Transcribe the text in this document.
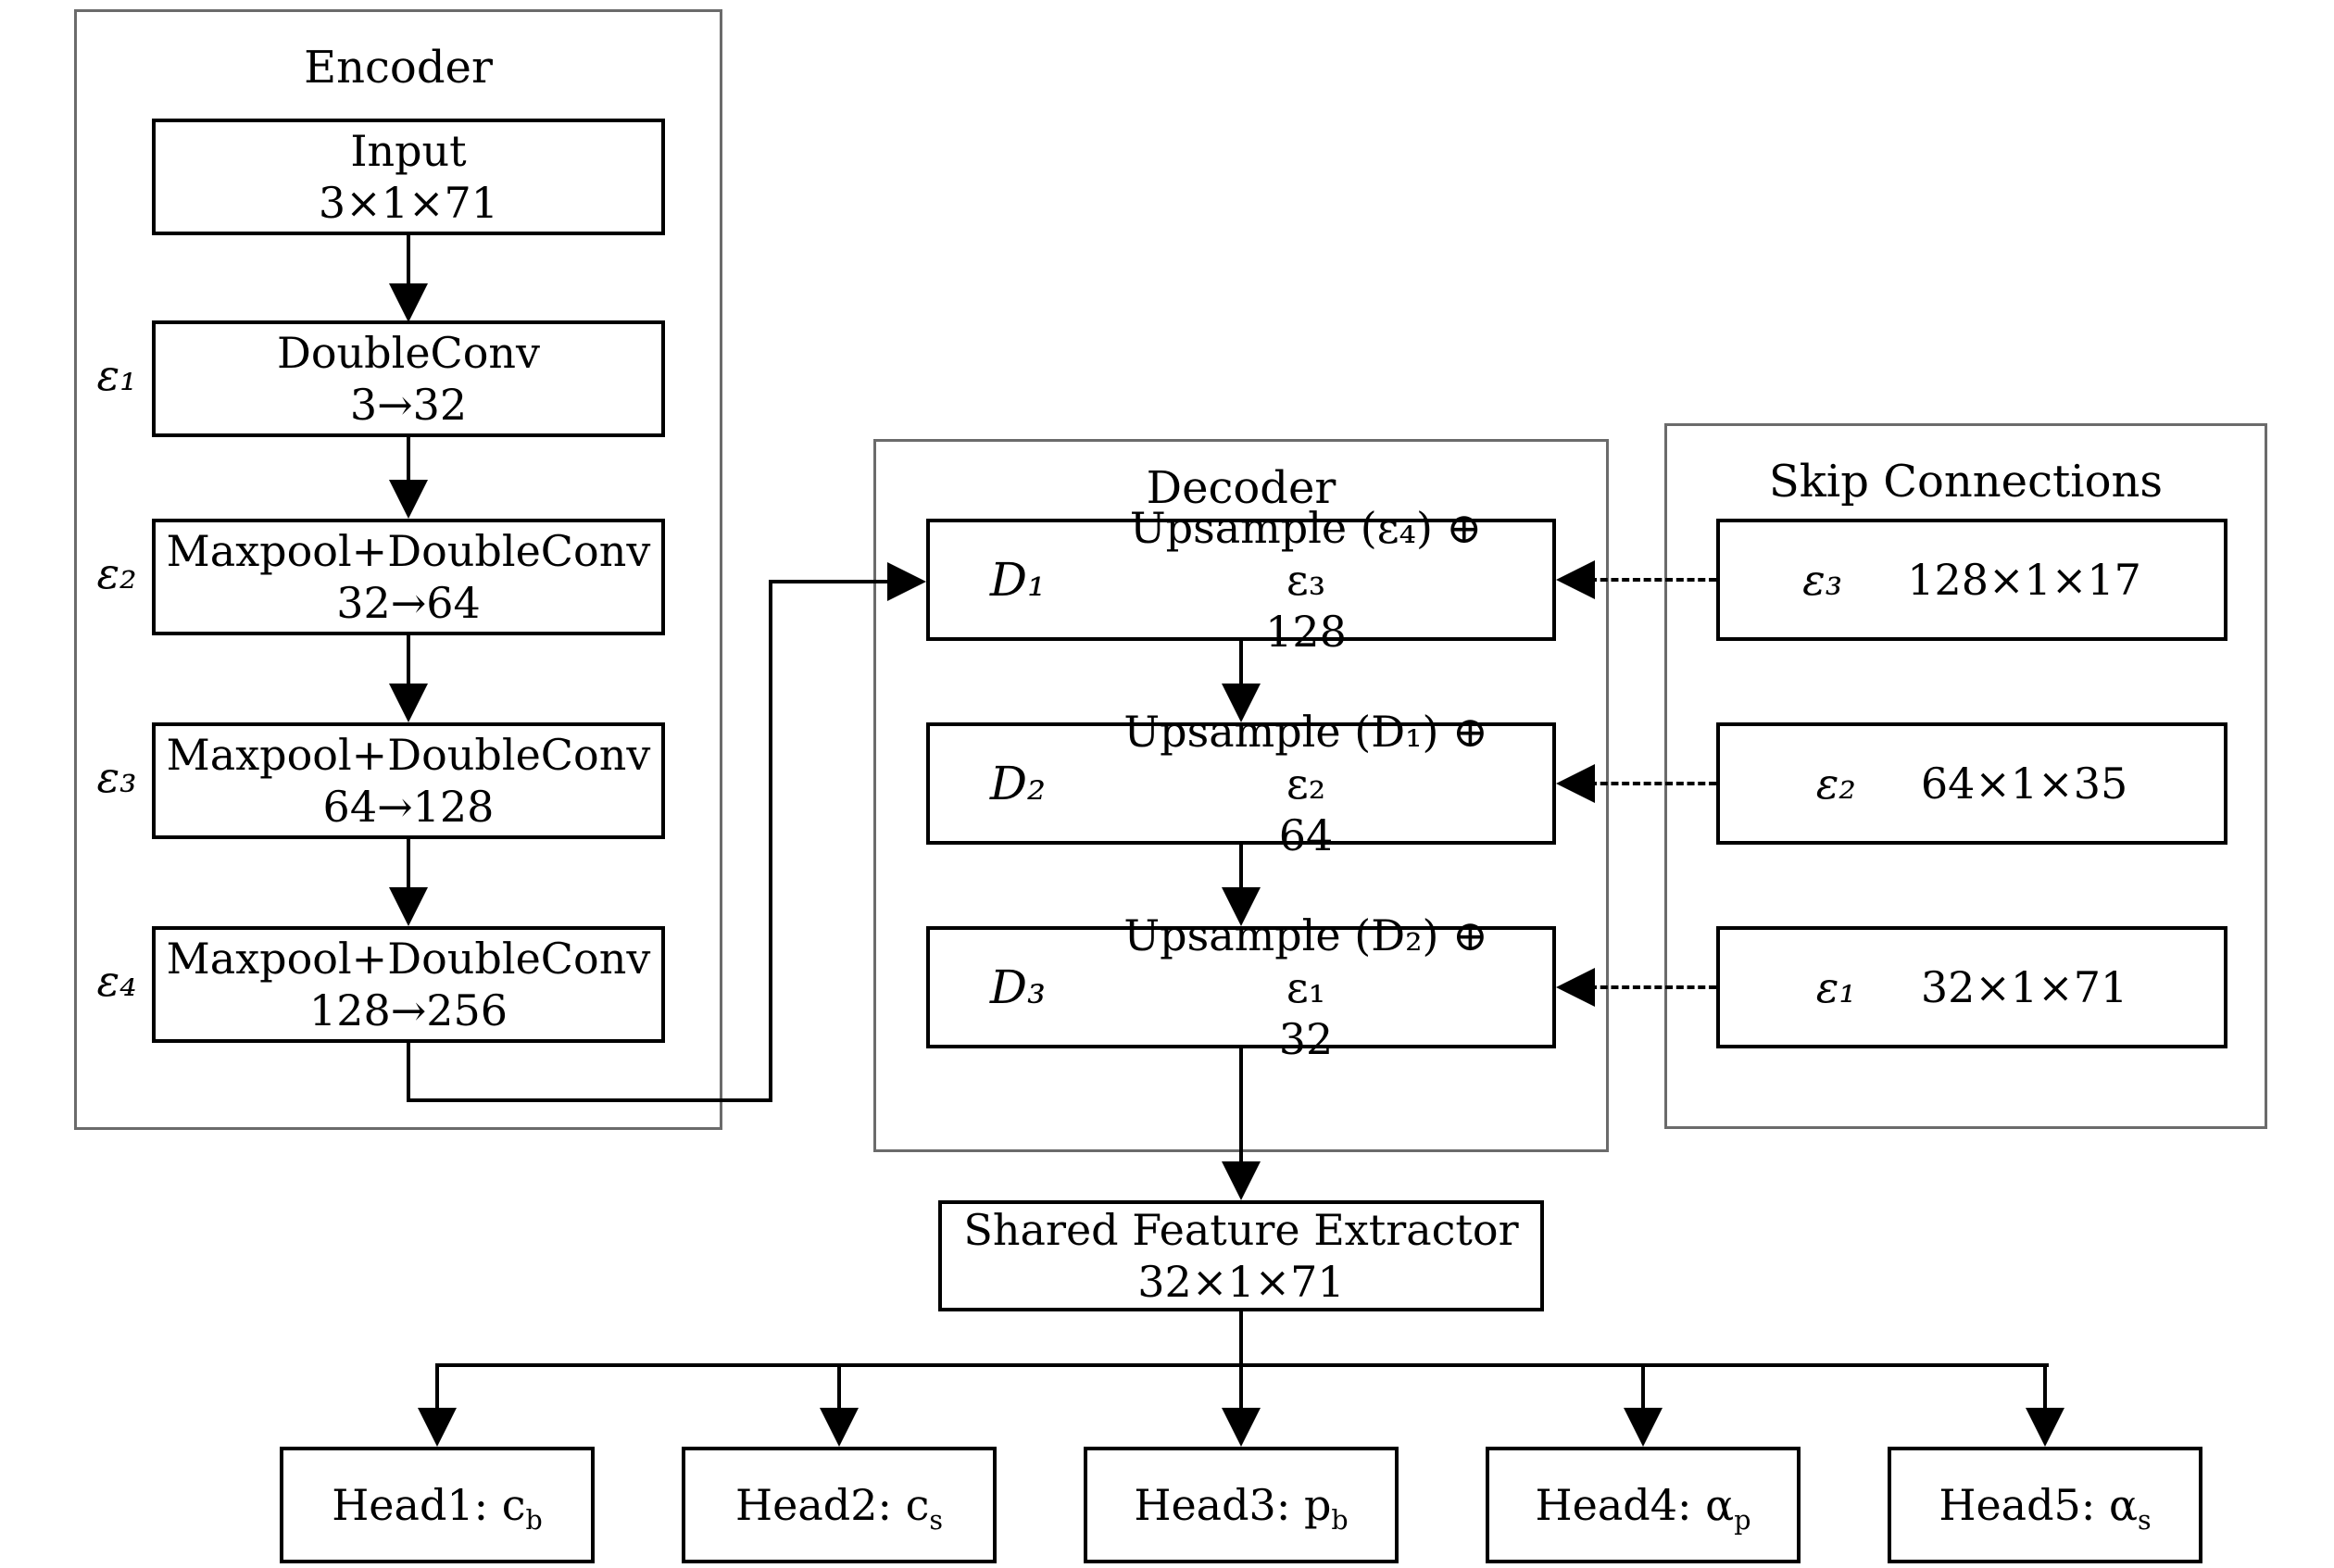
Encoder
Decoder	Skip Connections
Input
3×1×71
ε₁	DoubleConv
3→32
ε₂ Maxpool+DoubleConv
32→64
ε₃ Maxpool+DoubleConv
64→128
ε₄ Maxpool+DoubleConv
128→256
D₁
Upsample (ε₄) ⊕ ε₃
128
D₂
Upsample (D₁) ⊕ ε₂
64
D₃
Upsample (D₂) ⊕ ε₁
32
ε₃ 128×1×17
ε₂ 64×1×35
ε₁ 32×1×71
Shared Feature Extractor
32×1×71
Head1: $c_b$	Head2: $c_s$	Head3: $p_b$	Head4: $\alpha_p$	Head5: $\alpha_s$
